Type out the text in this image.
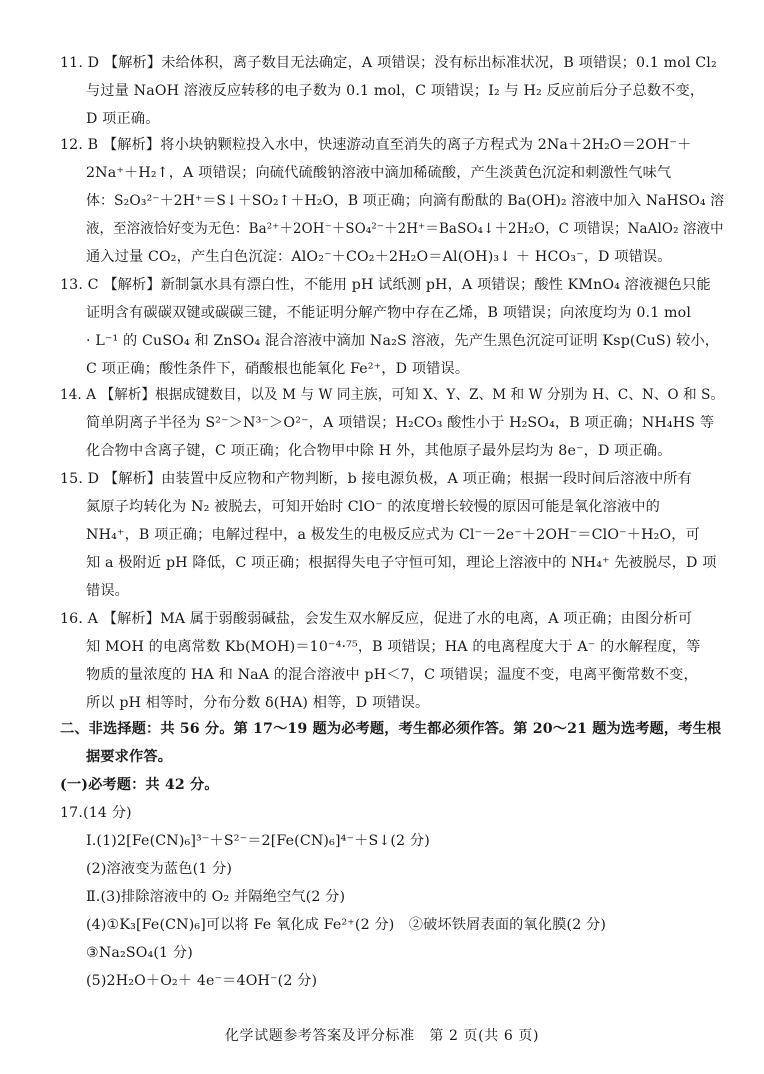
11. D 【解析】未给体积，离子数目无法确定，A 项错误；没有标出标准状况，B 项错误；0.1 mol Cl₂
与过量 NaOH 溶液反应转移的电子数为 0.1 mol，C 项错误；I₂ 与 H₂ 反应前后分子总数不变，
D 项正确。
12. B 【解析】将小块钠颗粒投入水中，快速游动直至消失的离子方程式为 2Na＋2H₂O＝2OH⁻＋
2Na⁺＋H₂↑，A 项错误；向硫代硫酸钠溶液中滴加稀硫酸，产生淡黄色沉淀和刺激性气味气
体：S₂O₃²⁻＋2H⁺＝S↓＋SO₂↑＋H₂O，B 项正确；向滴有酚酞的 Ba(OH)₂ 溶液中加入 NaHSO₄ 溶
液，至溶液恰好变为无色：Ba²⁺＋2OH⁻＋SO₄²⁻＋2H⁺＝BaSO₄↓＋2H₂O，C 项错误；NaAlO₂ 溶液中
通入过量 CO₂，产生白色沉淀：AlO₂⁻＋CO₂＋2H₂O＝Al(OH)₃↓ ＋ HCO₃⁻，D 项错误。
13. C 【解析】新制氯水具有漂白性，不能用 pH 试纸测 pH，A 项错误；酸性 KMnO₄ 溶液褪色只能
证明含有碳碳双键或碳碳三键，不能证明分解产物中存在乙烯，B 项错误；向浓度均为 0.1 mol
· L⁻¹ 的 CuSO₄ 和 ZnSO₄ 混合溶液中滴加 Na₂S 溶液，先产生黑色沉淀可证明 Ksp(CuS) 较小，
C 项正确；酸性条件下，硝酸根也能氧化 Fe²⁺，D 项错误。
14. A 【解析】根据成键数目，以及 M 与 W 同主族，可知 X、Y、Z、M 和 W 分别为 H、C、N、O 和 S。
简单阴离子半径为 S²⁻＞N³⁻＞O²⁻，A 项错误；H₂CO₃ 酸性小于 H₂SO₄，B 项正确；NH₄HS 等
化合物中含离子键，C 项正确；化合物甲中除 H 外，其他原子最外层均为 8e⁻，D 项正确。
15. D 【解析】由装置中反应物和产物判断，b 接电源负极，A 项正确；根据一段时间后溶液中所有
氮原子均转化为 N₂ 被脱去，可知开始时 ClO⁻ 的浓度增长较慢的原因可能是氧化溶液中的
NH₄⁺，B 项正确；电解过程中，a 极发生的电极反应式为 Cl⁻－2e⁻＋2OH⁻＝ClO⁻＋H₂O，可
知 a 极附近 pH 降低，C 项正确；根据得失电子守恒可知，理论上溶液中的 NH₄⁺ 先被脱尽，D 项
错误。
16. A 【解析】MA 属于弱酸弱碱盐，会发生双水解反应，促进了水的电离，A 项正确；由图分析可
知 MOH 的电离常数 Kb(MOH)＝10⁻⁴·⁷⁵，B 项错误；HA 的电离程度大于 A⁻ 的水解程度，等
物质的量浓度的 HA 和 NaA 的混合溶液中 pH＜7，C 项错误；温度不变，电离平衡常数不变，
所以 pH 相等时，分布分数 δ(HA) 相等，D 项错误。
二、非选择题：共 56 分。第 17～19 题为必考题，考生都必须作答。第 20～21 题为选考题，考生根
据要求作答。
(一)必考题：共 42 分。
17.(14 分)
Ⅰ.(1)2[Fe(CN)₆]³⁻＋S²⁻＝2[Fe(CN)₆]⁴⁻＋S↓(2 分)
(2)溶液变为蓝色(1 分)
Ⅱ.(3)排除溶液中的 O₂ 并隔绝空气(2 分)
(4)①K₃[Fe(CN)₆]可以将 Fe 氧化成 Fe²⁺(2 分)　②破坏铁屑表面的氧化膜(2 分)
③Na₂SO₄(1 分)
(5)2H₂O＋O₂＋ 4e⁻＝4OH⁻(2 分)
化学试题参考答案及评分标准　第 2 页(共 6 页)
